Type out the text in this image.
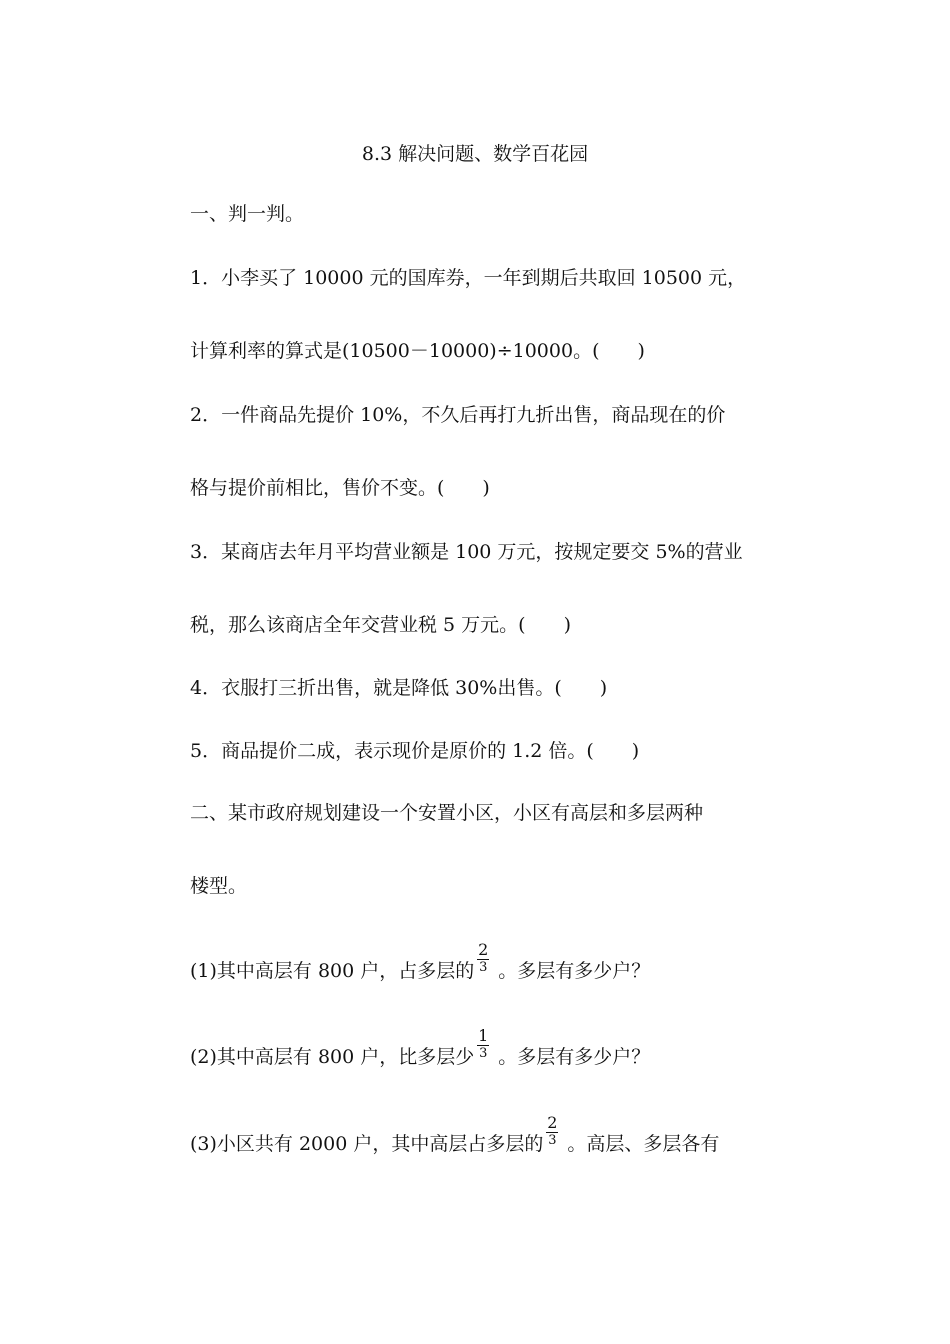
8.3 解决问题、数学百花园
一、判一判。
1．小李买了 10000 元的国库券，一年到期后共取回 10500 元，
计算利率的算式是(10500－10000)÷10000。(　　)
2．一件商品先提价 10%，不久后再打九折出售，商品现在的价
格与提价前相比，售价不变。(　　)
3．某商店去年月平均营业额是 100 万元，按规定要交 5%的营业
税，那么该商店全年交营业税 5 万元。(　　)
4．衣服打三折出售，就是降低 30%出售。(　　)
5．商品提价二成，表示现价是原价的 1.2 倍。(　　)
二、某市政府规划建设一个安置小区，小区有高层和多层两种
楼型。
(1)其中高层有 800 户，占多层的 $\frac{2}{3}$ 。多层有多少户？
(2)其中高层有 800 户，比多层少 $\frac{1}{3}$ 。多层有多少户？
(3)小区共有 2000 户，其中高层占多层的 $\frac{2}{3}$ 。高层、多层各有
